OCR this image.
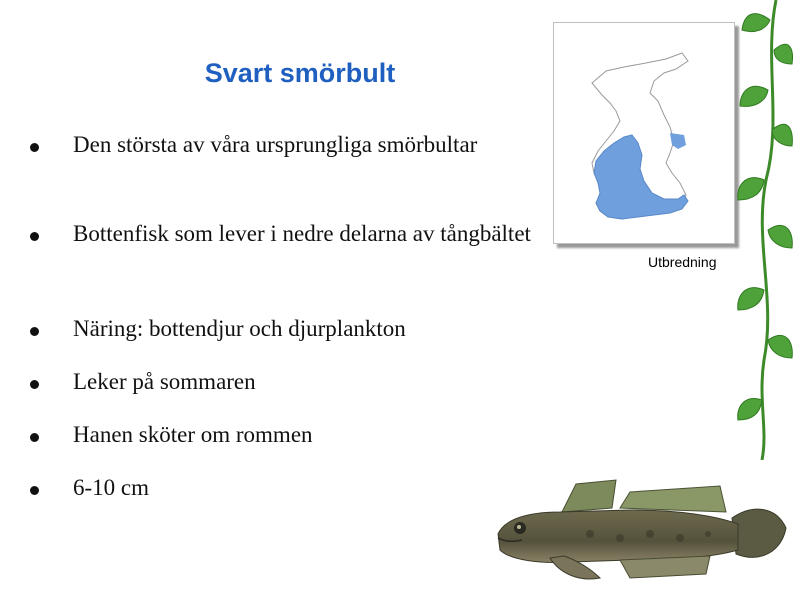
Svart smörbult
Den största av våra ursprungliga smörbultar
Bottenfisk som lever i nedre delarna av tångbältet
Näring: bottendjur och djurplankton
Leker på sommaren
Hanen sköter om rommen
6-10 cm
Utbredning
